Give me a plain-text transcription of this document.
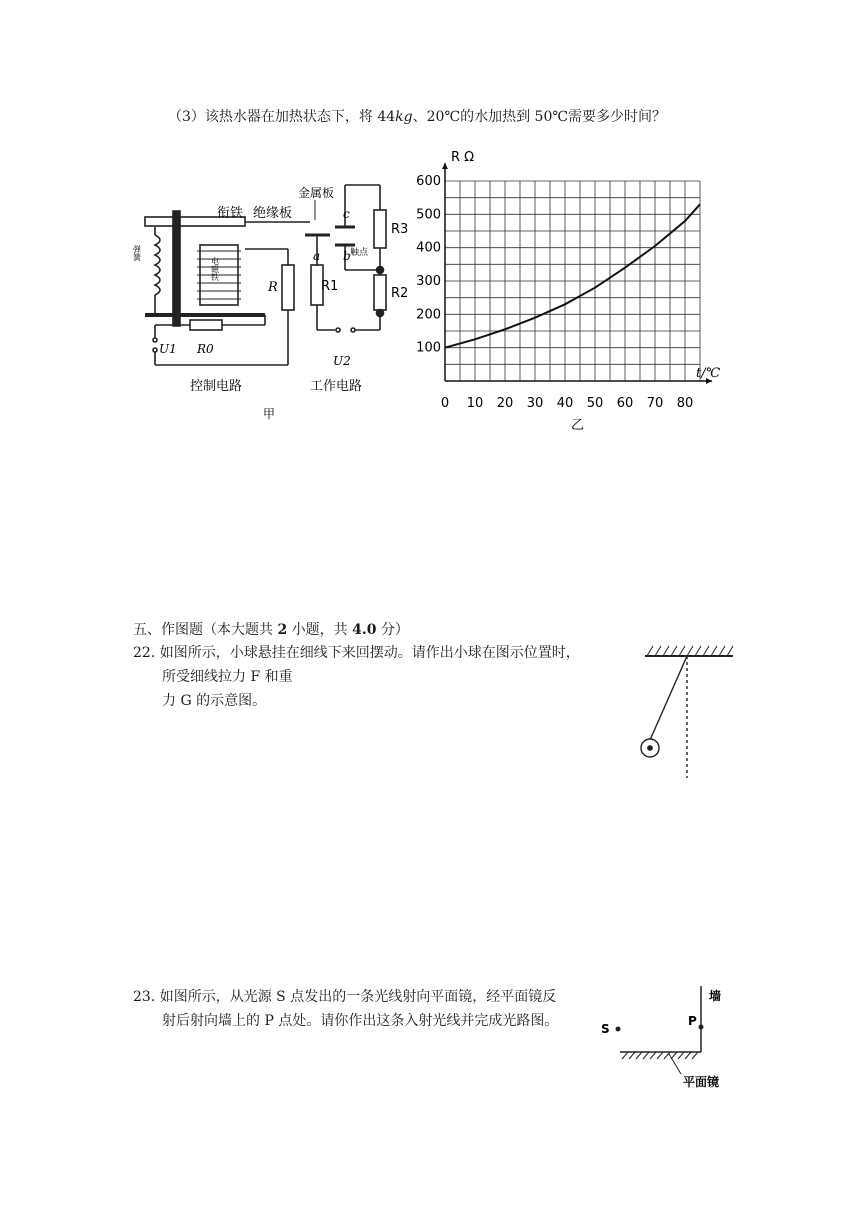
（3）该热水器在加热状态下，将 44kg、20℃的水加热到 50℃需要多少时间？
衔铁 绝缘板
金属板
c
a b 触点
R3
R1	R2
R
R0
U1
U2
弹簧
电磁铁
控制电路	工作电路
甲
0 10 20 30 40 50 60 70 80
100
200
300
400
500
600
R Ω
t/℃
乙
五、作图题（本大题共 2 小题，共 4.0 分）
22. 如图所示，小球悬挂在细线下来回摆动。请作出小球在图示位置时，
所受细线拉力 F 和重
力 G 的示意图。
23. 如图所示，从光源 S 点发出的一条光线射向平面镜，经平面镜反
射后射向墙上的 P 点处。请你作出这条入射光线并完成光路图。	S
P
墙
平面镜
